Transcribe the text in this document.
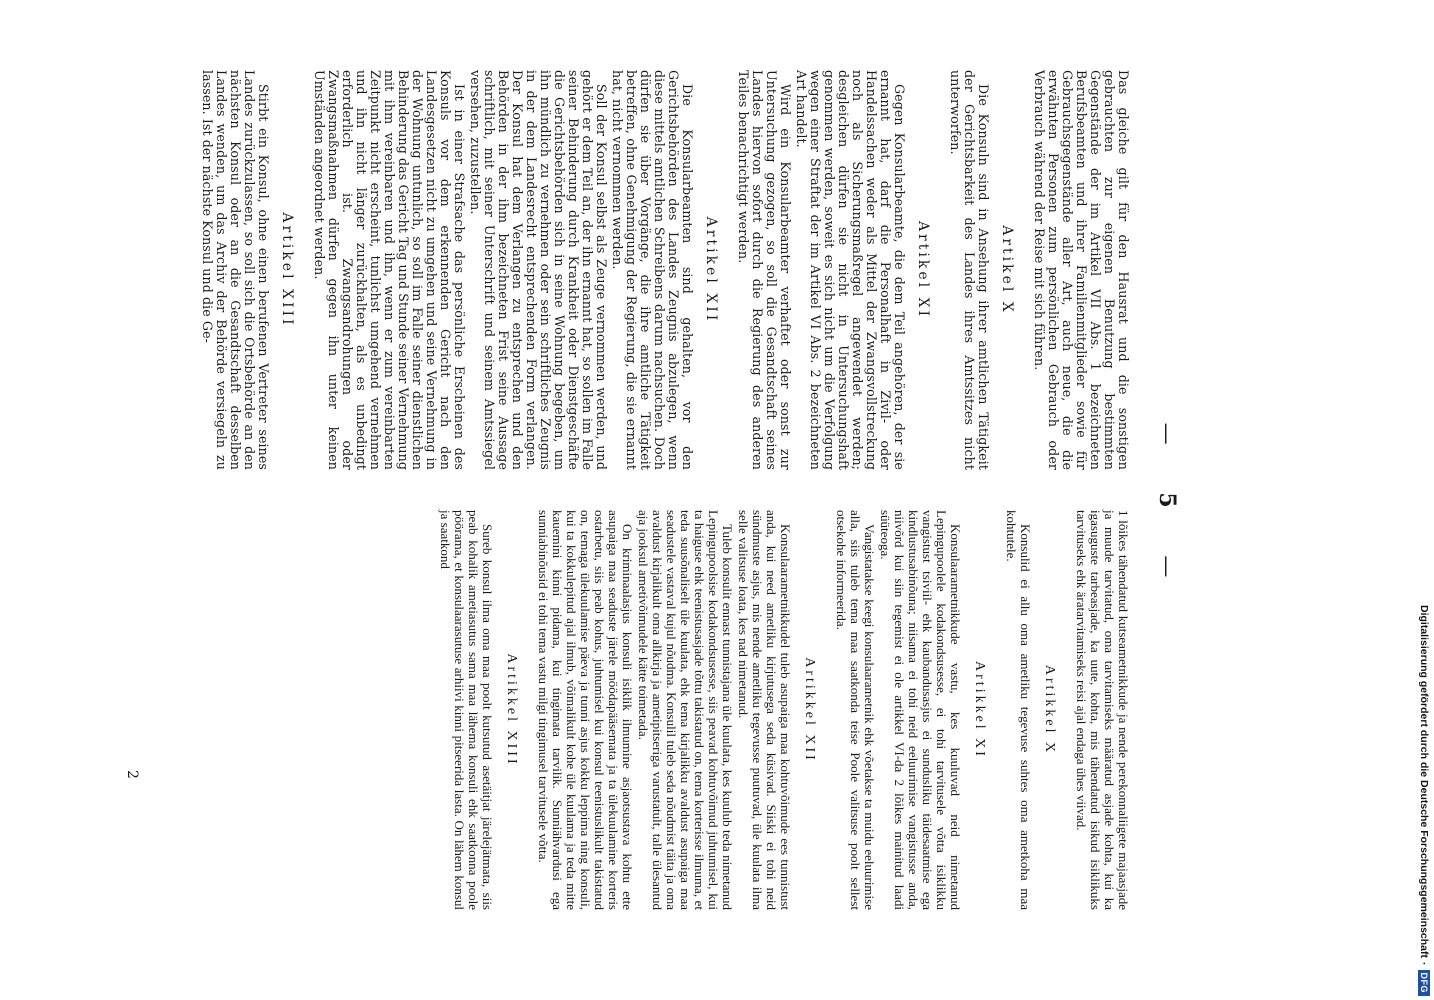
— 5 —

Das gleiche gilt für den Hausrat und die sonstigen gebrauchten zur eigenen Benutzung bestimmten Gegenstände der im Artikel VII Abs. 1 bezeichneten Berufsbeamten und ihrer Familienmitglieder sowie für Gebrauchsgegenstände aller Art, auch neue, die die erwähnten Personen zum persönlichen Gebrauch oder Verbrauch während der Reise mit sich führen.

Artikel X

Die Konsuln sind in Ansehung ihrer amtlichen Tätigkeit der Gerichtsbarkeit des Landes ihres Amtssitzes nicht unterworfen.

Artikel XI

Gegen Konsularbeamte, die dem Teil angehören, der sie ernannt hat, darf die Personalhaft in Zivil- oder Handelssachen weder als Mittel der Zwangsvollstreckung noch als Sicherungsmaßregel angewendet werden; desgleichen dürfen sie nicht in Untersuchungshaft genommen werden, soweit es sich nicht um die Verfolgung wegen einer Straftat der im Artikel VI Abs. 2 bezeichneten Art handelt.

Wird ein Konsularbeamter verhaftet oder sonst zur Untersuchung gezogen, so soll die Gesandtschaft seines Landes hiervon sofort durch die Regierung des anderen Teiles benachrichtigt werden.

Artikel XII

Die Konsularbeamten sind gehalten, vor den Gerichtsbehörden des Landes Zeugnis abzulegen, wenn diese mittels amtlichen Schreibens darum nachsuchen. Doch dürfen sie über Vorgänge, die ihre amtliche Tätigkeit betreffen, ohne Genehmigung der Regierung, die sie ernannt hat, nicht vernommen werden.

Soll der Konsul selbst als Zeuge vernommen werden, und gehört er dem Teil an, der ihn ernannt hat, so sollen im Falle seiner Behinderung durch Krankheit oder Dienstgeschäfte die Gerichtsbehörden sich in seine Wohnung begeben, um ihn mündlich zu vernehmen oder sein schriftliches Zeugnis in der dem Landesrecht entsprechenden Form verlangen. Der Konsul hat dem Verlangen zu entsprechen und den Behörden in der ihm bezeichneten Frist seine Aussage schriftlich, mit seiner Unterschrift und seinem Amtssiegel versehen, zuzustellen.

Ist in einer Strafsache das persönliche Erscheinen des Konsuls vor dem erkennenden Gericht nach den Landesgesetzen nicht zu umgehen und seine Vernehmung in der Wohnung untunlich, so soll im Falle seiner dienstlichen Behinderung das Gericht Tag und Stunde seiner Vernehmung mit ihm vereinbaren und ihn, wenn er zum vereinbarten Zeitpunkt nicht erscheint, tunlichst umgehend vernehmen und ihn nicht länger zurückhalten, als es unbedingt erforderlich ist. Zwangsandrohungen oder Zwangsmaßnahmen dürfen gegen ihn unter keinen Umständen angeordnet werden.

Artikel XIII

Stirbt ein Konsul, ohne einen berufenen Vertreter seines Landes zurückzulassen, so soll sich die Ortsbehörde an den nächsten Konsul oder an die Gesandtschaft desselben Landes wenden, um das Archiv der Behörde versiegeln zu lassen. Ist der nächste Konsul und die Ge-

1 lõikes tähendatud kutseametnikkude ja nende perekonnaliigete majaasjade ja muude tarvitatud, oma tarvitamiseks määratud asjade kohta, kui ka igasuguste tarbeasjade, ka uute, kohta, mis tähendatud isikud isiklikuks tarvituseks ehk äratarvitamiseks reisi ajal endaga ühes viivad.

Artikkel X

Konsulid ei allu oma ametliku tegevuse suhtes oma ametkoha maa kohtutele.

Artikkel XI

Konsulaarametnikkude vastu, kes kuuluvad neid nimetanud Lepingupoolele kodakondsusesse, ei tohi tarvitusele võtta isiklikku vangistust tsiviil- ehk kaubandusasjus ei sundusliku täidesaatmise ega kindlustusabinõuna; niisama ei tohi neid eeluurimise vangistusse anda, niivõrd kui siin tegemist ei ole artikkel VI-da 2 lõikes mainitud laadi süüteoga.

Vangistatakse keegi konsulaarametnik ehk võetakse ta muidu eeluurimise alla, siis tuleb tema maa saatkonda teise Poole valitsuse poolt sellest otsekohe informeerida.

Artikkel XII

Konsulaarametnikkudel tuleb asupaiga maa kohtuvõimude ees tunnistust anda, kui need ametliku kirjutusega seda küsivad. Siiski ei tohi neid sündmuste asjus, mis nende ametliku tegevusse puutuvad, üle kuulata ilma selle valitsuse loata, kes nad nimetanud.

Tuleb konsulit ennast tunnistajana üle kuulata, kes kuulub teda nimetanud Lepingupoolsise kodakondsusesse, siis peavad kohtuvõimud juhtumisel, kui ta haiguse ehk teenistusasjade tõttu takistatud on, tema korterisse ilmuma, et teda suusõnaliselt üle kuulata, ehk tema kirjalikku avaldust asupaiga maa seadustele vastaval kujul nõudma. Konsulil tuleb seda nõudmist täita ja oma avaldust kirjalikult oma allkirja ja ametipitseriga varustatult, talle ülesantud aja jooksul ametivõimudele kätte toimetada.

On kriminaalasjus konsuli isiklik ilmumine asjaotsustava kohtu ette asupaiga maa seaduste järele möödapääsemata ja ta ülekuulamine korteris ostarbetu, siis peab kohus, juhtumisel kui konsul teenistuslikult takistatud on, temaga ülekuulamise päeva ja tunni asjus kokku leppima ning konsuli, kui ta kokkulepitud ajal ilmub, võimalikult kohe üle kuulama ja teda mitte kauemini kinni pidama, kui tingimata tarvilik. Sunniähvardusi ega sunniabinõusid ei tohi tema vastu milgi tingimusel tarvitusele võtta.

Artikkel XIII

Sureb konsul ilma oma maa poolt kutsutud asetäitjat järelejätmata, siis peab kohalik ametiasutus sama maa lähema konsuli ehk saatkonna poole pöörama, et konsulaarasutuse arhiivi kinni pitseerida lasta. On lähem konsul ja saatkond

2	Digitalisierung gefördert durch die Deutsche Forschungsgemeinschaft
·
DFG
